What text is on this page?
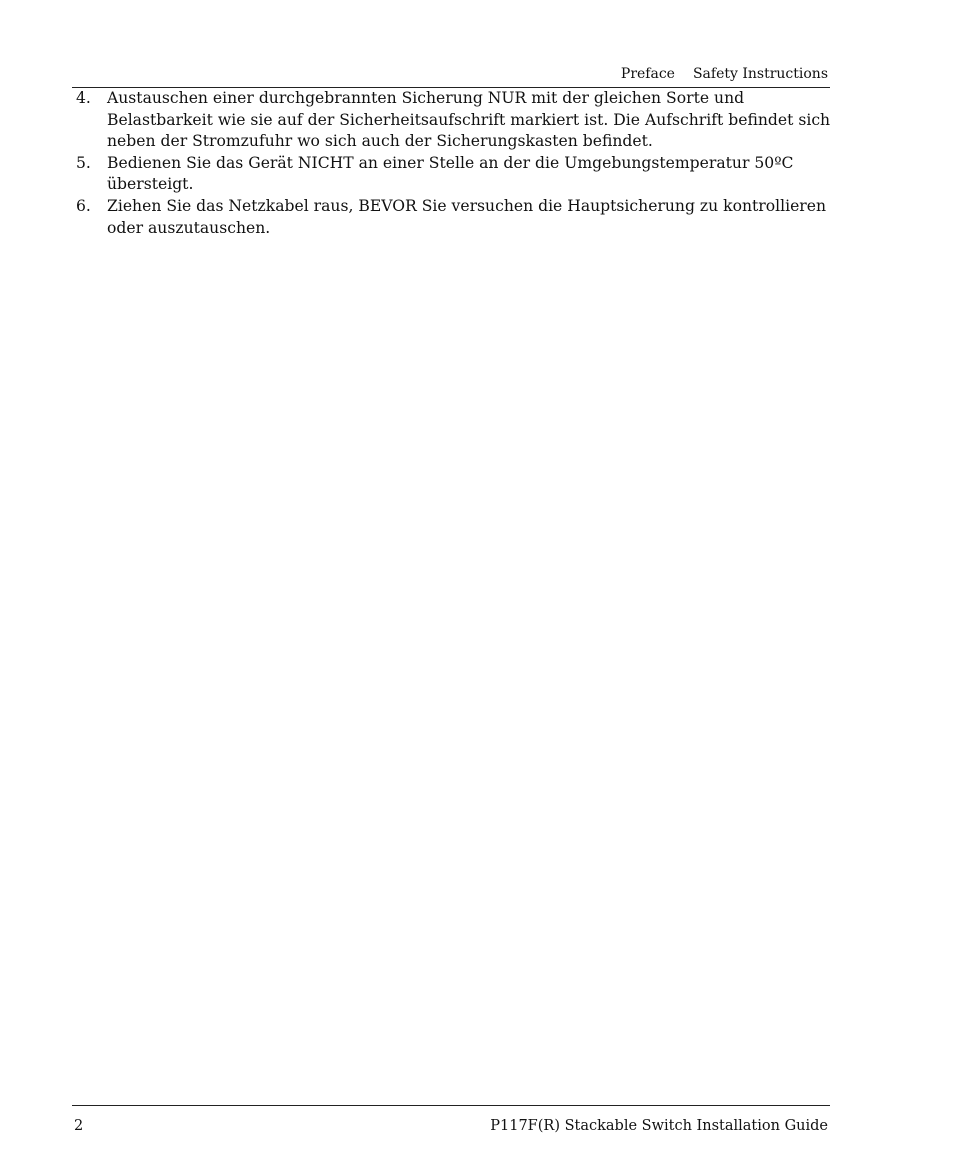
Preface Safety Instructions
4. Austauschen einer durchgebrannten Sicherung NUR mit der gleichen Sorte und
Belastbarkeit wie sie auf der Sicherheitsaufschrift markiert ist. Die Aufschrift befindet sich
neben der Stromzufuhr wo sich auch der Sicherungskasten befindet.
5. Bedienen Sie das Gerät NICHT an einer Stelle an der die Umgebungstemperatur 50ºC
übersteigt.
6. Ziehen Sie das Netzkabel raus, BEVOR Sie versuchen die Hauptsicherung zu kontrollieren
oder auszutauschen.
2	P117F(R) Stackable Switch Installation Guide
